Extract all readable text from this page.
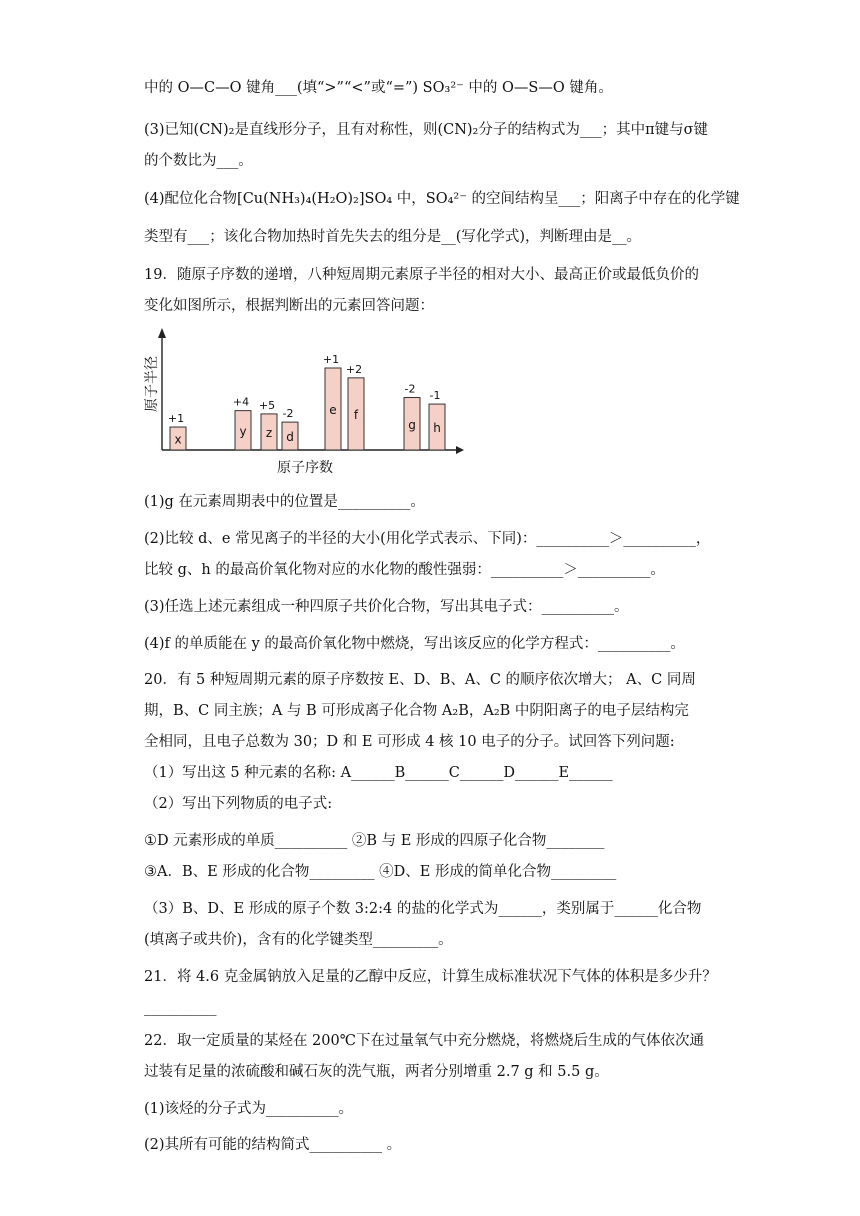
中的 O—C—O 键角___(填“>”“<”或“=”) SO₃²⁻ 中的 O—S—O 键角。
(3)已知(CN)₂是直线形分子，且有对称性，则(CN)₂分子的结构式为___；其中π键与σ键
的个数比为___。
(4)配位化合物[Cu(NH₃)₄(H₂O)₂]SO₄ 中，SO₄²⁻ 的空间结构呈___；阳离子中存在的化学键
类型有___；该化合物加热时首先失去的组分是__(写化学式)，判断理由是__。
19．随原子序数的递增，八种短周期元素原子半径的相对大小、最高正价或最低负价的
变化如图所示，根据判断出的元素回答问题：
原子半径
原子序数
x
+1
y
+4
z
+5
d
-2	e
+1
f
+2
g
-2
h
-1
(1)g 在元素周期表中的位置是__________。
(2)比较 d、e 常见离子的半径的大小(用化学式表示、下同)：__________＞__________，
比较 g、h 的最高价氧化物对应的水化物的酸性强弱：__________＞__________。
(3)任选上述元素组成一种四原子共价化合物，写出其电子式：__________。
(4)f 的单质能在 y 的最高价氧化物中燃烧，写出该反应的化学方程式：__________。
20．有 5 种短周期元素的原子序数按 E、D、B、A、C 的顺序依次增大； A、C 同周
期，B、C 同主族；A 与 B 可形成离子化合物 A₂B，A₂B 中阴阳离子的电子层结构完
全相同，且电子总数为 30；D 和 E 可形成 4 核 10 电子的分子。试回答下列问题:
（1）写出这 5 种元素的名称: A______B______C______D______E______
（2）写出下列物质的电子式:
①D 元素形成的单质__________ ②B 与 E 形成的四原子化合物________
③A．B、E 形成的化合物_________ ④D、E 形成的简单化合物_________
（3）B、D、E 形成的原子个数 3:2:4 的盐的化学式为______，类别属于______化合物
(填离子或共价)，含有的化学键类型_________。
21．将 4.6 克金属钠放入足量的乙醇中反应，计算生成标准状况下气体的体积是多少升？
__________
22．取一定质量的某烃在 200℃下在过量氧气中充分燃烧，将燃烧后生成的气体依次通
过装有足量的浓硫酸和碱石灰的洗气瓶，两者分别增重 2.7 g 和 5.5 g。
(1)该烃的分子式为__________。
(2)其所有可能的结构简式__________ 。
